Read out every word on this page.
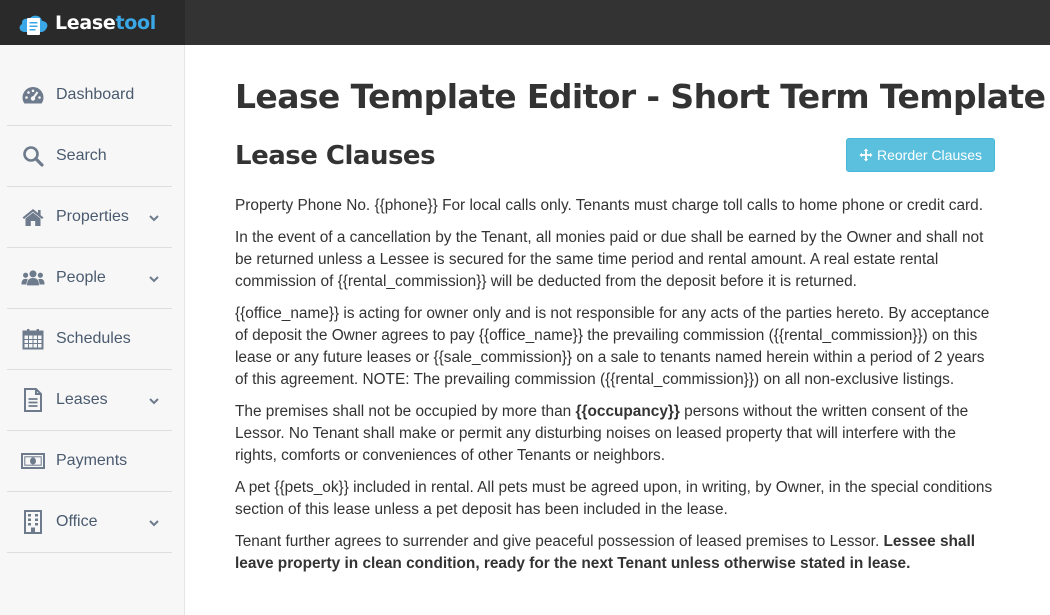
Leasetool
Dashboard
Search
Properties
People
Schedules
Leases
Payments
Office
Lease Template Editor - Short Term Template
Lease Clauses	Reorder Clauses

Property Phone No. {{phone}} For local calls only. Tenants must charge toll calls to home phone or credit card.

In the event of a cancellation by the Tenant, all monies paid or due shall be earned by the Owner and shall not be returned unless a Lessee is secured for the same time period and rental amount. A real estate rental commission of {{rental_commission}} will be deducted from the deposit before it is returned.

{{office_name}} is acting for owner only and is not responsible for any acts of the parties hereto. By acceptance of deposit the Owner agrees to pay {{office_name}} the prevailing commission ({{rental_commission}}) on this lease or any future leases or {{sale_commission}} on a sale to tenants named herein within a period of 2 years of this agreement. NOTE: The prevailing commission ({{rental_commission}}) on all non-exclusive listings.

The premises shall not be occupied by more than {{occupancy}} persons without the written consent of the Lessor. No Tenant shall make or permit any disturbing noises on leased property that will interfere with the rights, comforts or conveniences of other Tenants or neighbors.

A pet {{pets_ok}} included in rental. All pets must be agreed upon, in writing, by Owner, in the special conditions section of this lease unless a pet deposit has been included in the lease.

Tenant further agrees to surrender and give peaceful possession of leased premises to Lessor. Lessee shall leave property in clean condition, ready for the next Tenant unless otherwise stated in lease.
